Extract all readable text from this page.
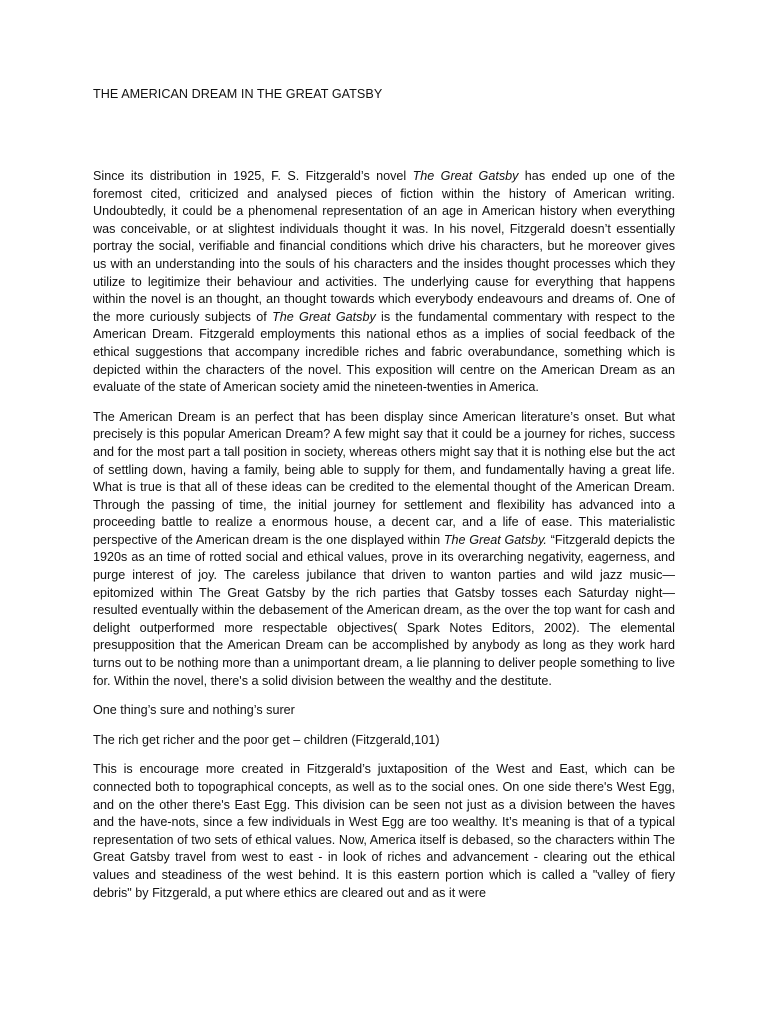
THE AMERICAN DREAM IN THE GREAT GATSBY

Since its distribution in 1925, F. S. Fitzgerald’s novel The Great Gatsby has ended up one of the foremost cited, criticized and analysed pieces of fiction within the history of American writing. Undoubtedly, it could be a phenomenal representation of an age in American history when everything was conceivable, or at slightest individuals thought it was. In his novel, Fitzgerald doesn’t essentially portray the social, verifiable and financial conditions which drive his characters, but he moreover gives us with an understanding into the souls of his characters and the insides thought processes which they utilize to legitimize their behaviour and activities. The underlying cause for everything that happens within the novel is an thought, an thought towards which everybody endeavours and dreams of. One of the more curiously subjects of The Great Gatsby is the fundamental commentary with respect to the American Dream. Fitzgerald employments this national ethos as a implies of social feedback of the ethical suggestions that accompany incredible riches and fabric overabundance, something which is depicted within the characters of the novel. This exposition will centre on the American Dream as an evaluate of the state of American society amid the nineteen-twenties in America.

The American Dream is an perfect that has been display since American literature’s onset. But what precisely is this popular American Dream? A few might say that it could be a journey for riches, success and for the most part a tall position in society, whereas others might say that it is nothing else but the act of settling down, having a family, being able to supply for them, and fundamentally having a great life. What is true is that all of these ideas can be credited to the elemental thought of the American Dream. Through the passing of time, the initial journey for settlement and flexibility has advanced into a proceeding battle to realize a enormous house, a decent car, and a life of ease. This materialistic perspective of the American dream is the one displayed within The Great Gatsby. “Fitzgerald depicts the 1920s as an time of rotted social and ethical values, prove in its overarching negativity, eagerness, and purge interest of joy. The careless jubilance that driven to wanton parties and wild jazz music—epitomized within The Great Gatsby by the rich parties that Gatsby tosses each Saturday night—resulted eventually within the debasement of the American dream, as the over the top want for cash and delight outperformed more respectable objectives( Spark Notes Editors, 2002). The elemental presupposition that the American Dream can be accomplished by anybody as long as they work hard turns out to be nothing more than a unimportant dream, a lie planning to deliver people something to live for. Within the novel, there's a solid division between the wealthy and the destitute.

One thing’s sure and nothing’s surer

The rich get richer and the poor get – children (Fitzgerald,101)

This is encourage more created in Fitzgerald’s juxtaposition of the West and East, which can be connected both to topographical concepts, as well as to the social ones. On one side there's West Egg, and on the other there's East Egg. This division can be seen not just as a division between the haves and the have-nots, since a few individuals in West Egg are too wealthy. It’s meaning is that of a typical representation of two sets of ethical values. Now, America itself is debased, so the characters within The Great Gatsby travel from west to east - in look of riches and advancement - clearing out the ethical values and steadiness of the west behind. It is this eastern portion which is called a "valley of fiery debris" by Fitzgerald, a put where ethics are cleared out and as it were
